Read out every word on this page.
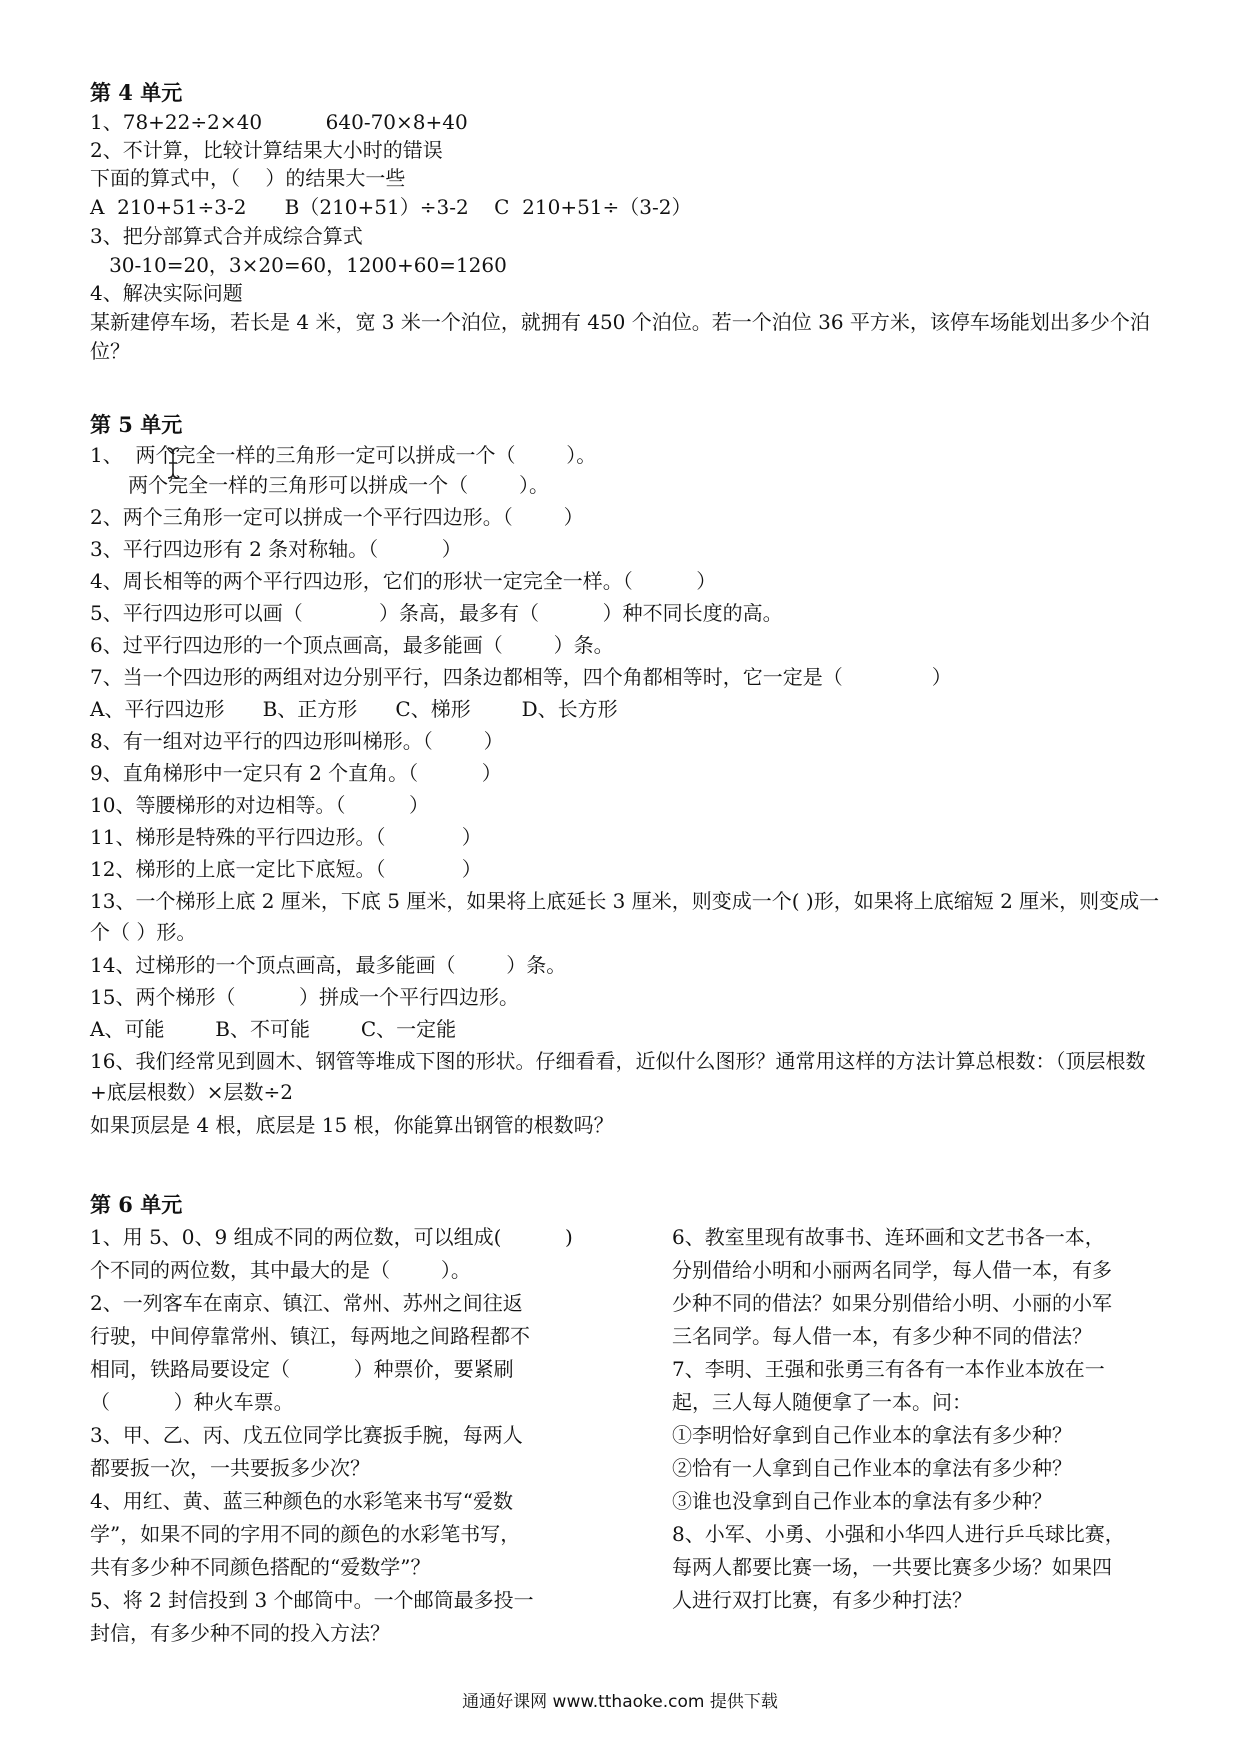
第 4 单元
1、78+22÷2×40          640-70×8+40
2、不计算，比较计算结果大小时的错误
下面的算式中，（    ）的结果大一些
A  210+51÷3-2      B（210+51）÷3-2    C  210+51÷（3-2）
3、把分部算式合并成综合算式
30-10=20，3×20=60，1200+60=1260
4、解决实际问题
某新建停车场，若长是 4 米，宽 3 米一个泊位，就拥有 450 个泊位。若一个泊位 36 平方米，该停车场能划出多少个泊位？
第 5 单元
1、  两个完全一样的三角形一定可以拼成一个（        ）。
两个完全一样的三角形可以拼成一个（        ）。
2、两个三角形一定可以拼成一个平行四边形。（        ）
3、平行四边形有 2 条对称轴。（          ）
4、周长相等的两个平行四边形，它们的形状一定完全一样。（          ）
5、平行四边形可以画（            ）条高，最多有（          ）种不同长度的高。
6、过平行四边形的一个顶点画高，最多能画（        ）条。
7、当一个四边形的两组对边分别平行，四条边都相等，四个角都相等时，它一定是（              ）
A、平行四边形      B、正方形      C、梯形        D、长方形
8、有一组对边平行的四边形叫梯形。（        ）
9、直角梯形中一定只有 2 个直角。（          ）
10、等腰梯形的对边相等。（          ）
11、梯形是特殊的平行四边形。（            ）
12、梯形的上底一定比下底短。（            ）
13、一个梯形上底 2 厘米，下底 5 厘米，如果将上底延长 3 厘米，则变成一个( )形，如果将上底缩短 2 厘米，则变成一个（ ）形。
14、过梯形的一个顶点画高，最多能画（        ）条。
15、两个梯形（          ）拼成一个平行四边形。
A、可能        B、不可能        C、一定能
16、我们经常见到圆木、钢管等堆成下图的形状。仔细看看，近似什么图形？通常用这样的方法计算总根数：（顶层根数+底层根数）×层数÷2
如果顶层是 4 根，底层是 15 根，你能算出钢管的根数吗？
第 6 单元
1、用 5、0、9 组成不同的两位数，可以组成(          )
个不同的两位数，其中最大的是（        ）。
2、一列客车在南京、镇江、常州、苏州之间往返
行驶，中间停靠常州、镇江，每两地之间路程都不
相同，铁路局要设定（          ）种票价，要紧刷
（          ）种火车票。
3、甲、乙、丙、戊五位同学比赛扳手腕，每两人
都要扳一次，一共要扳多少次？
4、用红、黄、蓝三种颜色的水彩笔来书写“爱数
学”，如果不同的字用不同的颜色的水彩笔书写，
共有多少种不同颜色搭配的“爱数学”？
5、将 2 封信投到 3 个邮筒中。一个邮筒最多投一
封信，有多少种不同的投入方法？
6、教室里现有故事书、连环画和文艺书各一本，
分别借给小明和小丽两名同学，每人借一本，有多
少种不同的借法？如果分别借给小明、小丽的小军
三名同学。每人借一本，有多少种不同的借法？
7、李明、王强和张勇三有各有一本作业本放在一
起，三人每人随便拿了一本。问：
①李明恰好拿到自己作业本的拿法有多少种？
②恰有一人拿到自己作业本的拿法有多少种？
③谁也没拿到自己作业本的拿法有多少种？
8、小军、小勇、小强和小华四人进行乒乓球比赛，
每两人都要比赛一场，一共要比赛多少场？如果四
人进行双打比赛，有多少种打法？
通通好课网 www.tthaoke.com 提供下载
